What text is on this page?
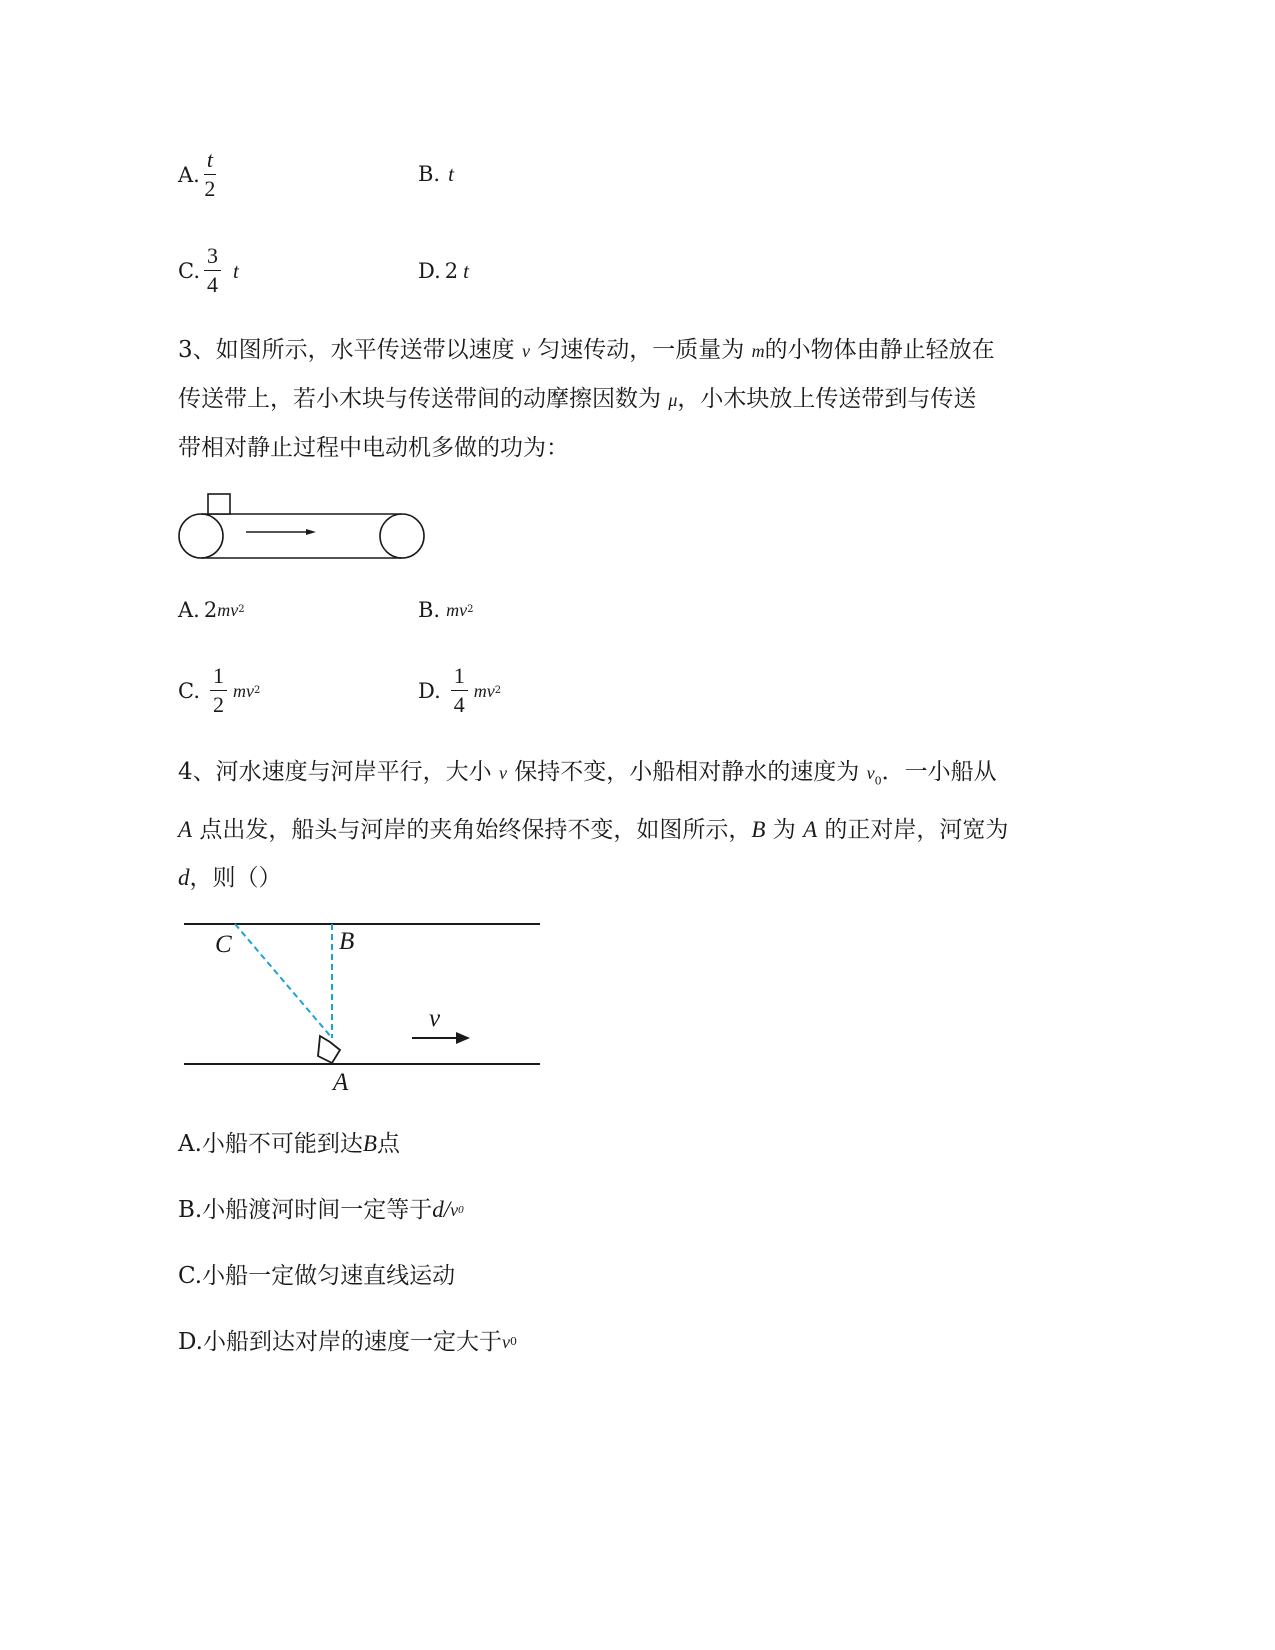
A. $\frac{t}{2}$	B. t
C. $\frac{3}{4}$ t	D. 2 t
3、如图所示，水平传送带以速度 v 匀速传动，一质量为 m的小物体由静止轻放在
传送带上，若小木块与传送带间的动摩擦因数为 μ，小木块放上传送带到与传送
带相对静止过程中电动机多做的功为：
A. 2 mv 2	B. mv 2
C. $\frac{1}{2}$ mv 2	D. $\frac{1}{4}$ mv 2
4、河水速度与河岸平行，大小 v 保持不变，小船相对静水的速度为 $v_0$．一小船从
A 点出发，船头与河岸的夹角始终保持不变，如图所示，B 为 A 的正对岸，河宽为
d，则（）
C	B
A
v
A. 小船不可能到达 B 点
B. 小船渡河时间一定等于 d / v 0
C. 小船一定做匀速直线运动
D. 小船到达对岸的速度一定大于 v 0
